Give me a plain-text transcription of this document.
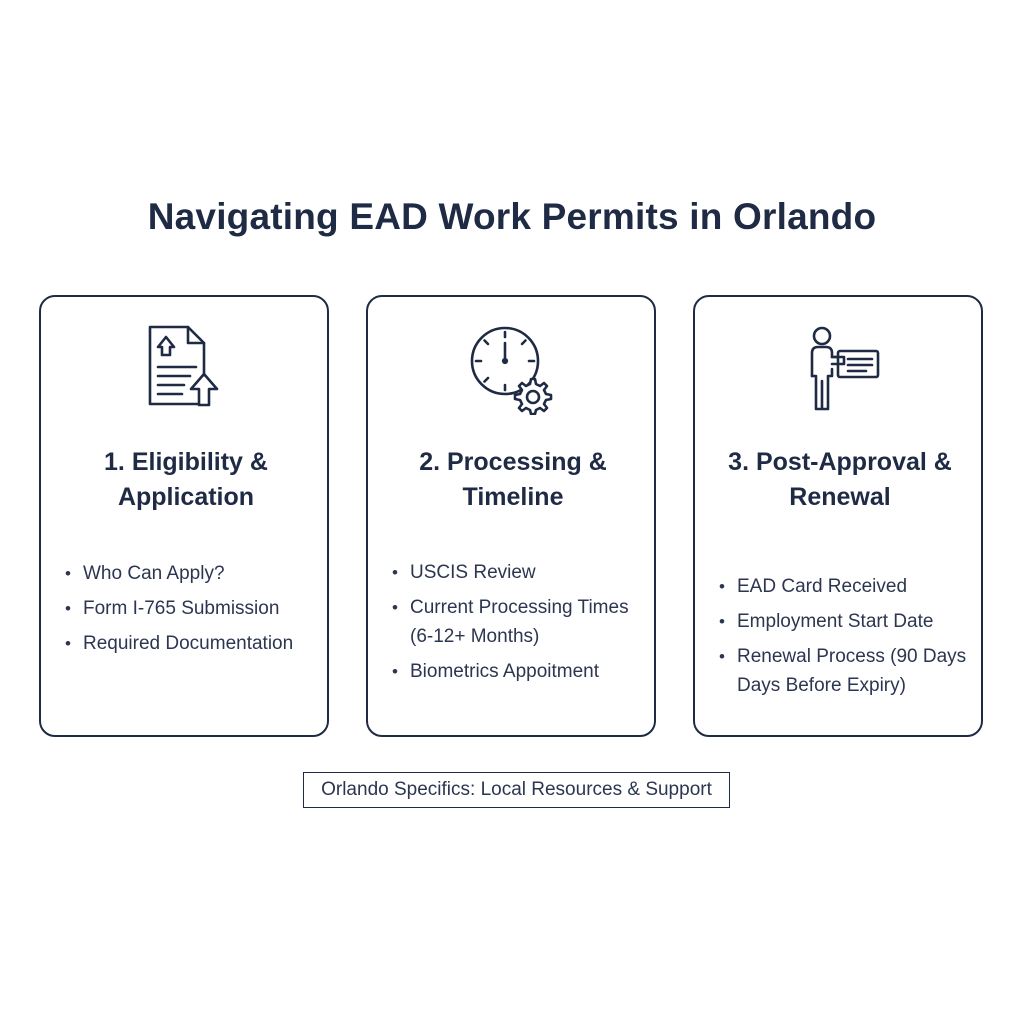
Navigating EAD Work Permits in Orlando
1. Eligibility & Application
• Who Can Apply?
• Form I-765 Submission
• Required Documentation
2. Processing & Timeline
• USCIS Review
• Current Processing Times (6-12+ Months)
• Biometrics Appoitment
3. Post-Approval & Renewal
• EAD Card Received
• Employment Start Date
• Renewal Process (90 Days Days Before Expiry)
Orlando Specifics: Local Resources & Support
